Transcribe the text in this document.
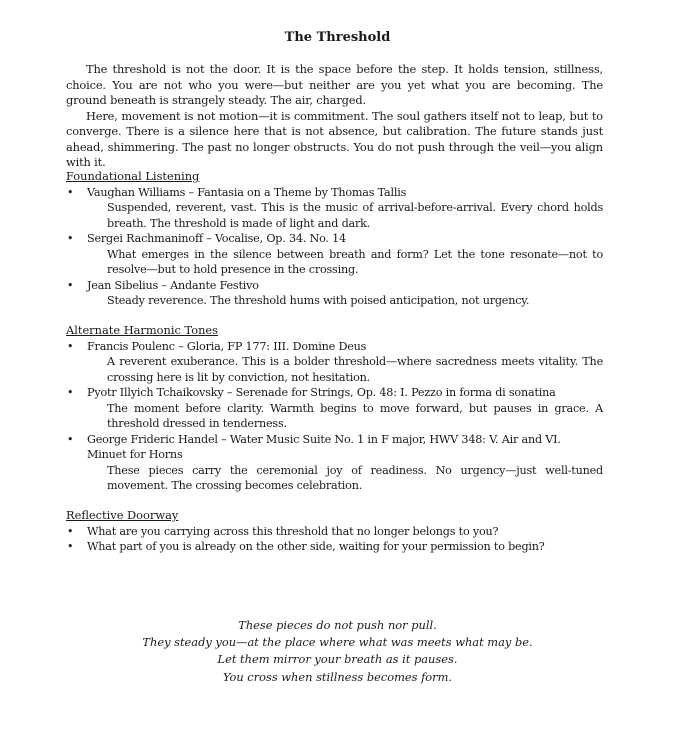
The Threshold

The threshold is not the door. It is the space before the step. It holds tension, stillness, choice. You are not who you were—but neither are you yet what you are becoming. The ground beneath is strangely steady. The air, charged.

Here, movement is not motion—it is commitment. The soul gathers itself not to leap, but to converge. There is a silence here that is not absence, but calibration. The future stands just ahead, shimmering. The past no longer obstructs. You do not push through the veil—you align with it.

Foundational Listening
• Vaughan Williams – Fantasia on a Theme by Thomas Tallis
Suspended, reverent, vast. This is the music of arrival-before-arrival. Every chord holds breath. The threshold is made of light and dark.
• Sergei Rachmaninoff – Vocalise, Op. 34. No. 14
What emerges in the silence between breath and form? Let the tone resonate—not to resolve—but to hold presence in the crossing.
• Jean Sibelius – Andante Festivo
Steady reverence. The threshold hums with poised anticipation, not urgency.
Alternate Harmonic Tones
• Francis Poulenc – Gloria, FP 177: III. Domine Deus
A reverent exuberance. This is a bolder threshold—where sacredness meets vitality. The crossing here is lit by conviction, not hesitation.
• Pyotr Illyich Tchaikovsky – Serenade for Strings, Op. 48: I. Pezzo in forma di sonatina
The moment before clarity. Warmth begins to move forward, but pauses in grace. A threshold dressed in tenderness.
• George Frideric Handel – Water Music Suite No. 1 in F major, HWV 348: V. Air and VI. Minuet for Horns
These pieces carry the ceremonial joy of readiness. No urgency—just well-tuned movement. The crossing becomes celebration.
Reflective Doorway
• What are you carrying across this threshold that no longer belongs to you?
• What part of you is already on the other side, waiting for your permission to begin?
These pieces do not push nor pull.
They steady you—at the place where what was meets what may be.
Let them mirror your breath as it pauses.
You cross when stillness becomes form.
